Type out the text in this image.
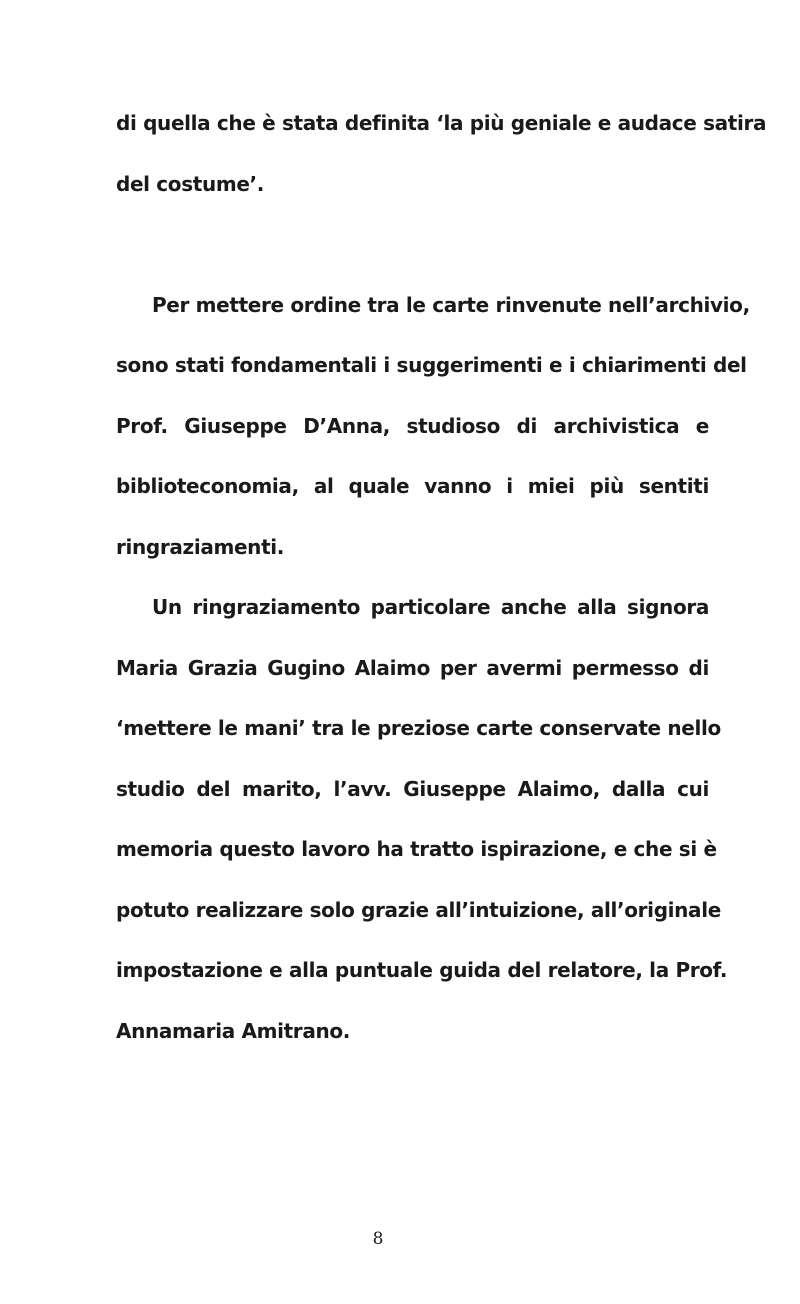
di quella che è stata definita ‘la più geniale e audace satira
del costume’.
Per mettere ordine tra le carte rinvenute nell’archivio,
sono stati fondamentali i suggerimenti e i chiarimenti del
Prof. Giuseppe D’Anna, studioso di archivistica e
biblioteconomia, al quale vanno i miei più sentiti
ringraziamenti.
Un ringraziamento particolare anche alla signora
Maria Grazia Gugino Alaimo per avermi permesso di
‘mettere le mani’ tra le preziose carte conservate nello
studio del marito, l’avv. Giuseppe Alaimo, dalla cui
memoria questo lavoro ha tratto ispirazione, e che si è
potuto realizzare solo grazie all’intuizione, all’originale
impostazione e alla puntuale guida del relatore, la Prof.
Annamaria Amitrano.
8
